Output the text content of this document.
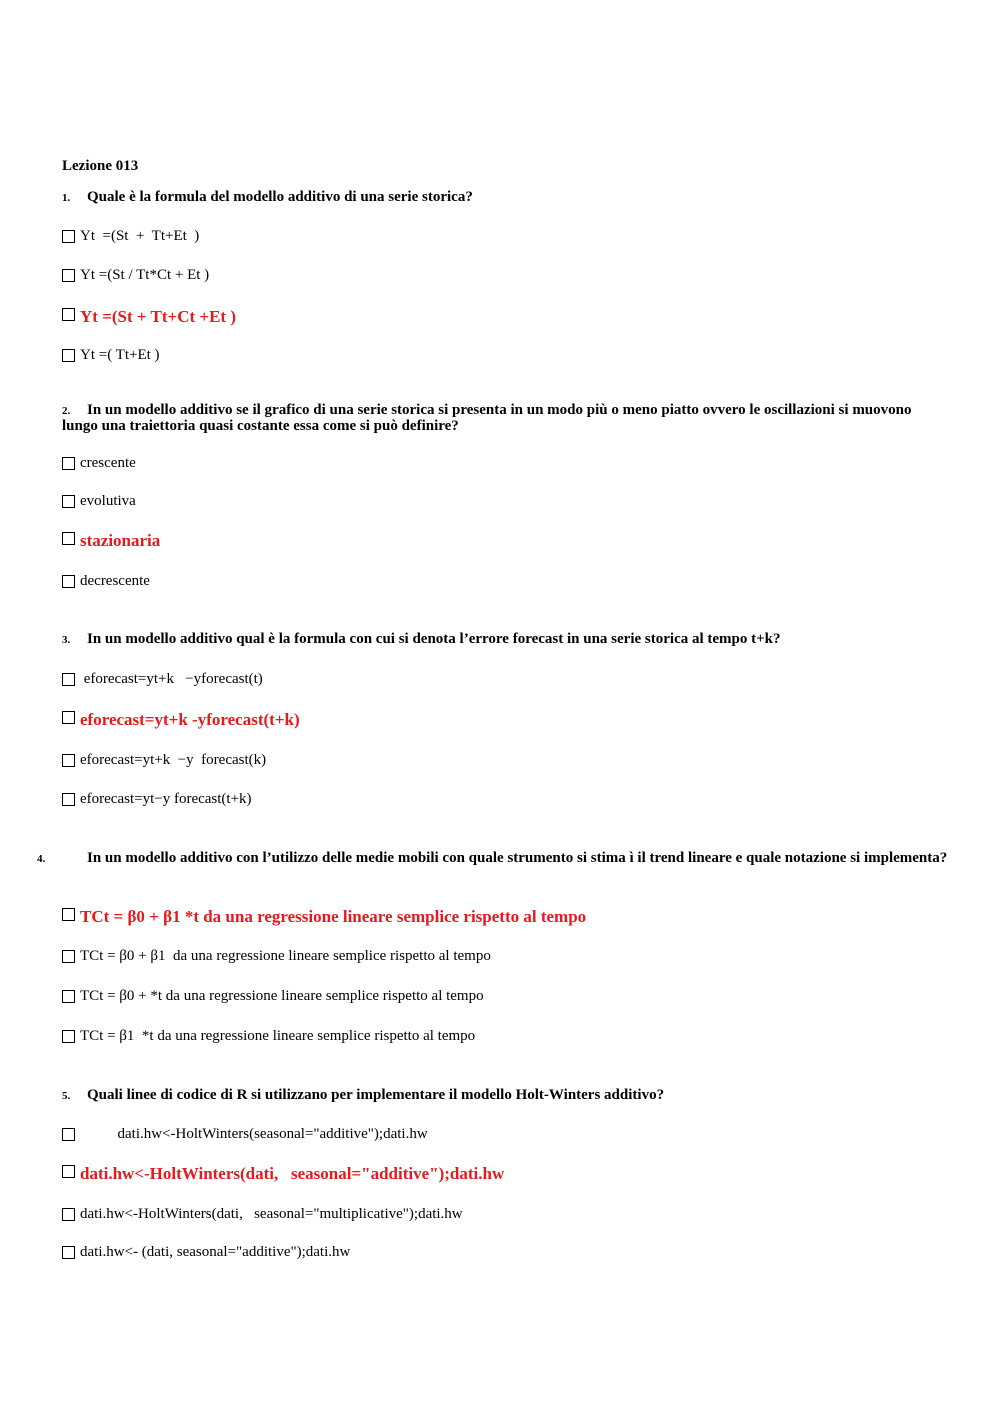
Lezione 013
1. Quale è la formula del modello additivo di una serie storica?
Yt  =(St  +  Tt+Et  )
Yt =(St / Tt*Ct + Et )
Yt =(St + Tt+Ct +Et )
Yt =( Tt+Et )
2. In un modello additivo se il grafico di una serie storica si presenta in un modo più o meno piatto ovvero le oscillazioni si muovono lungo una traiettoria quasi costante essa come si può definire?
crescente
evolutiva
stazionaria
decrescente
3. In un modello additivo qual è la formula con cui si denota l’errore forecast in una serie storica al tempo t+k?
eforecast=yt+k   −yforecast(t)
eforecast=yt+k -yforecast(t+k)
eforecast=yt+k  −y  forecast(k)
eforecast=yt−y forecast(t+k)
4.	In un modello additivo con l’utilizzo delle medie mobili con quale strumento si stima ì il trend lineare e quale notazione si implementa?
TCt = β0 + β1 *t da una regressione lineare semplice rispetto al tempo
TCt = β0 + β1  da una regressione lineare semplice rispetto al tempo
TCt = β0 + *t da una regressione lineare semplice rispetto al tempo
TCt = β1  *t da una regressione lineare semplice rispetto al tempo
5. Quali linee di codice di R si utilizzano per implementare il modello Holt-Winters additivo?
dati.hw<-HoltWinters(seasonal="additive");dati.hw
dati.hw<-HoltWinters(dati,   seasonal="additive");dati.hw
dati.hw<-HoltWinters(dati,   seasonal="multiplicative");dati.hw
dati.hw<- (dati, seasonal="additive");dati.hw
